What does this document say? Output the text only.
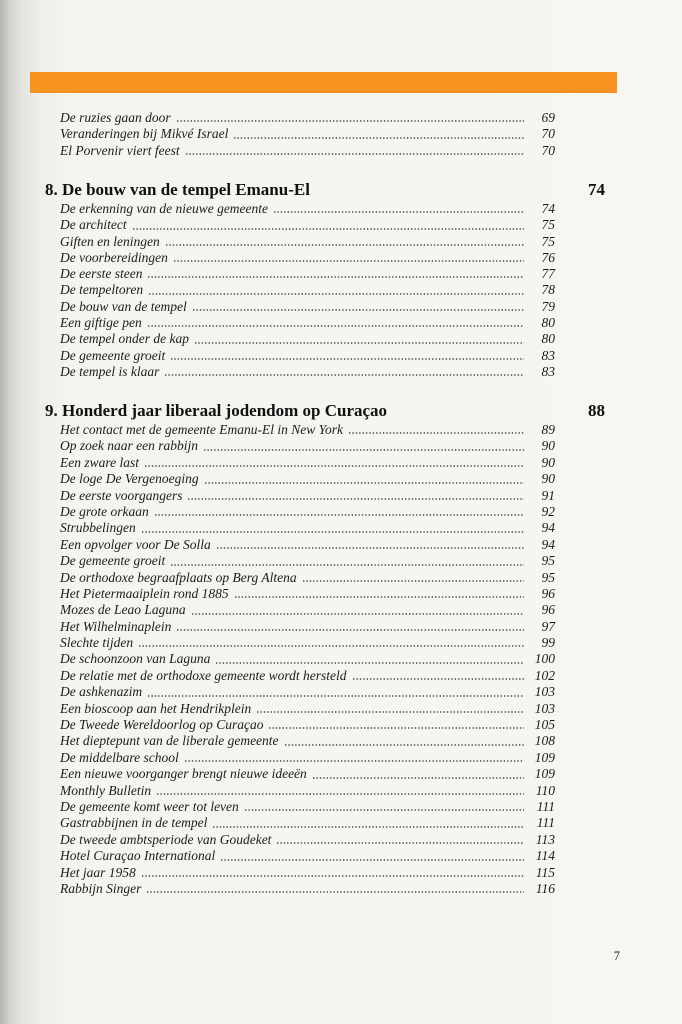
De ruzies gaan door	69
Veranderingen bij Mikvé Israel	70
El Porvenir viert feest	70
8. De bouw van de tempel Emanu-El	74
De erkenning van de nieuwe gemeente	74
De architect	75
Giften en leningen	75
De voorbereidingen	76
De eerste steen	77
De tempeltoren	78
De bouw van de tempel	79
Een giftige pen	80
De tempel onder de kap	80
De gemeente groeit	83
De tempel is klaar	83
9. Honderd jaar liberaal jodendom op Curaçao	88
Het contact met de gemeente Emanu-El in New York	89
Op zoek naar een rabbijn	90
Een zware last	90
De loge De Vergenoeging	90
De eerste voorgangers	91
De grote orkaan	92
Strubbelingen	94
Een opvolger voor De Solla	94
De gemeente groeit	95
De orthodoxe begraafplaats op Berg Altena	95
Het Pietermaaiplein rond 1885	96
Mozes de Leao Laguna	96
Het Wilhelminaplein	97
Slechte tijden	99
De schoonzoon van Laguna	100
De relatie met de orthodoxe gemeente wordt hersteld	102
De ashkenazim	103
Een bioscoop aan het Hendrikplein	103
De Tweede Wereldoorlog op Curaçao	105
Het dieptepunt van de liberale gemeente	108
De middelbare school	109
Een nieuwe voorganger brengt nieuwe ideeën	109
Monthly Bulletin	110
De gemeente komt weer tot leven	111
Gastrabbijnen in de tempel	111
De tweede ambtsperiode van Goudeket	113
Hotel Curaçao International	114
Het jaar 1958	115
Rabbijn Singer	116
7
